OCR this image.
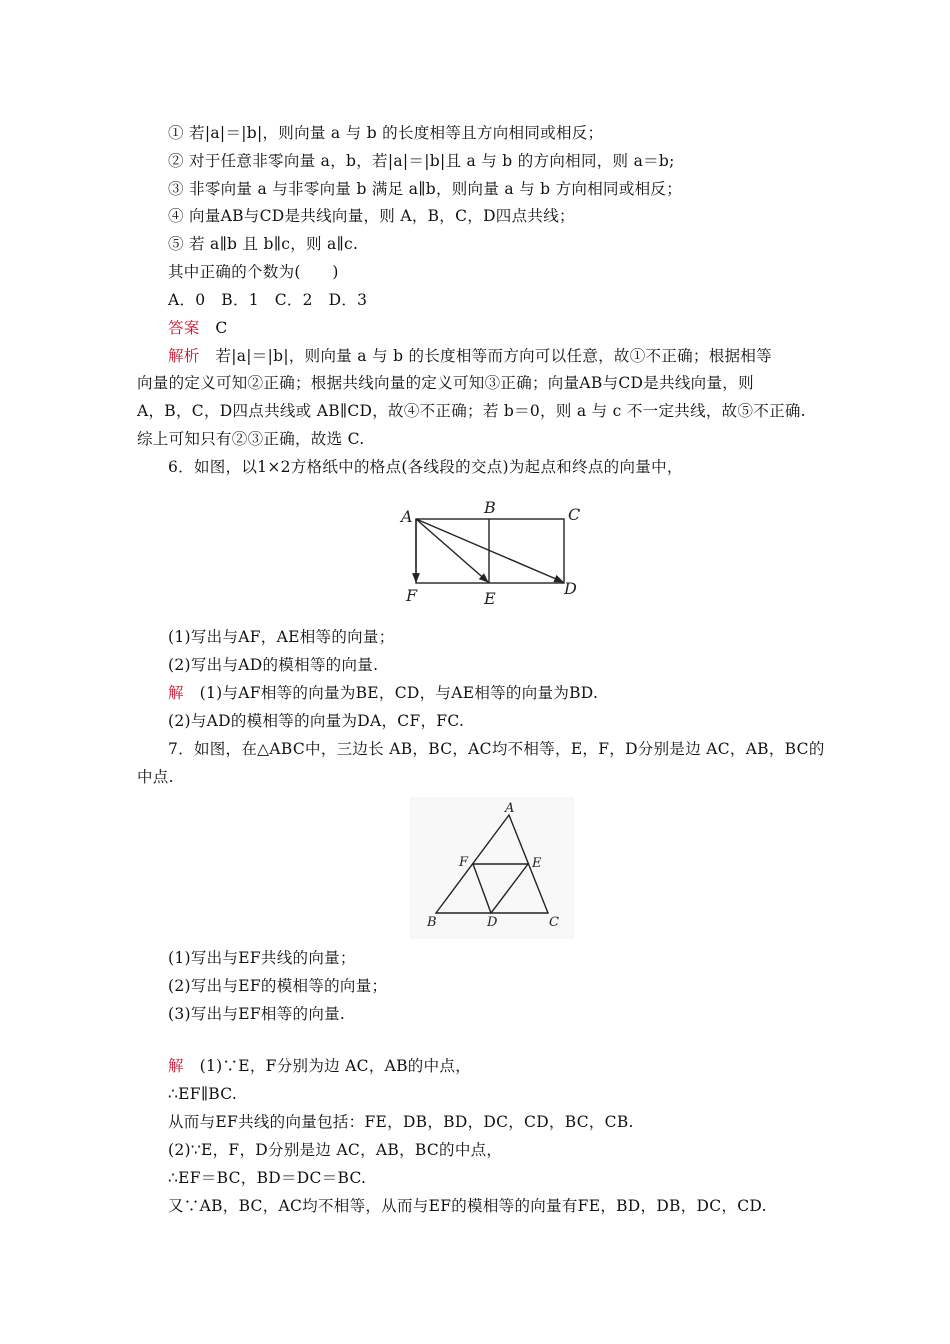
① 若|a|＝|b|，则向量 a 与 b 的长度相等且方向相同或相反；
② 对于任意非零向量 a，b，若|a|＝|b|且 a 与 b 的方向相同，则 a＝b;
③ 非零向量 a 与非零向量 b 满足 a∥b，则向量 a 与 b 方向相同或相反；
④ 向量AB与CD是共线向量，则 A，B，C，D四点共线；
⑤ 若 a∥b 且 b∥c，则 a∥c.
其中正确的个数为(　　)
A．0　B．1　C．2　D．3
答案　C
解析　若|a|＝|b|，则向量 a 与 b 的长度相等而方向可以任意，故①不正确；根据相等
向量的定义可知②正确；根据共线向量的定义可知③正确；向量AB与CD是共线向量，则
A，B，C，D四点共线或 AB∥CD，故④不正确；若 b＝0，则 a 与 c 不一定共线，故⑤不正确.
综上可知只有②③正确，故选 C.
6．如图，以1×2方格纸中的格点(各线段的交点)为起点和终点的向量中，
A	B	C
D
E
F
(1)写出与AF，AE相等的向量；
(2)写出与AD的模相等的向量.
解　(1)与AF相等的向量为BE，CD，与AE相等的向量为BD.
(2)与AD的模相等的向量为DA，CF，FC.
7．如图，在△ABC中，三边长 AB，BC，AC均不相等，E，F，D分别是边 AC，AB，BC的
中点.
A
B	C
D
E
F
(1)写出与EF共线的向量；
(2)写出与EF的模相等的向量；
(3)写出与EF相等的向量.
解　(1)∵E，F分别为边 AC，AB的中点，
∴EF∥BC.
从而与EF共线的向量包括：FE，DB，BD，DC，CD，BC，CB.
(2)∵E，F，D分别是边 AC，AB，BC的中点，
∴EF＝BC，BD＝DC＝BC.
又∵AB，BC，AC均不相等，从而与EF的模相等的向量有FE，BD，DB，DC，CD.
